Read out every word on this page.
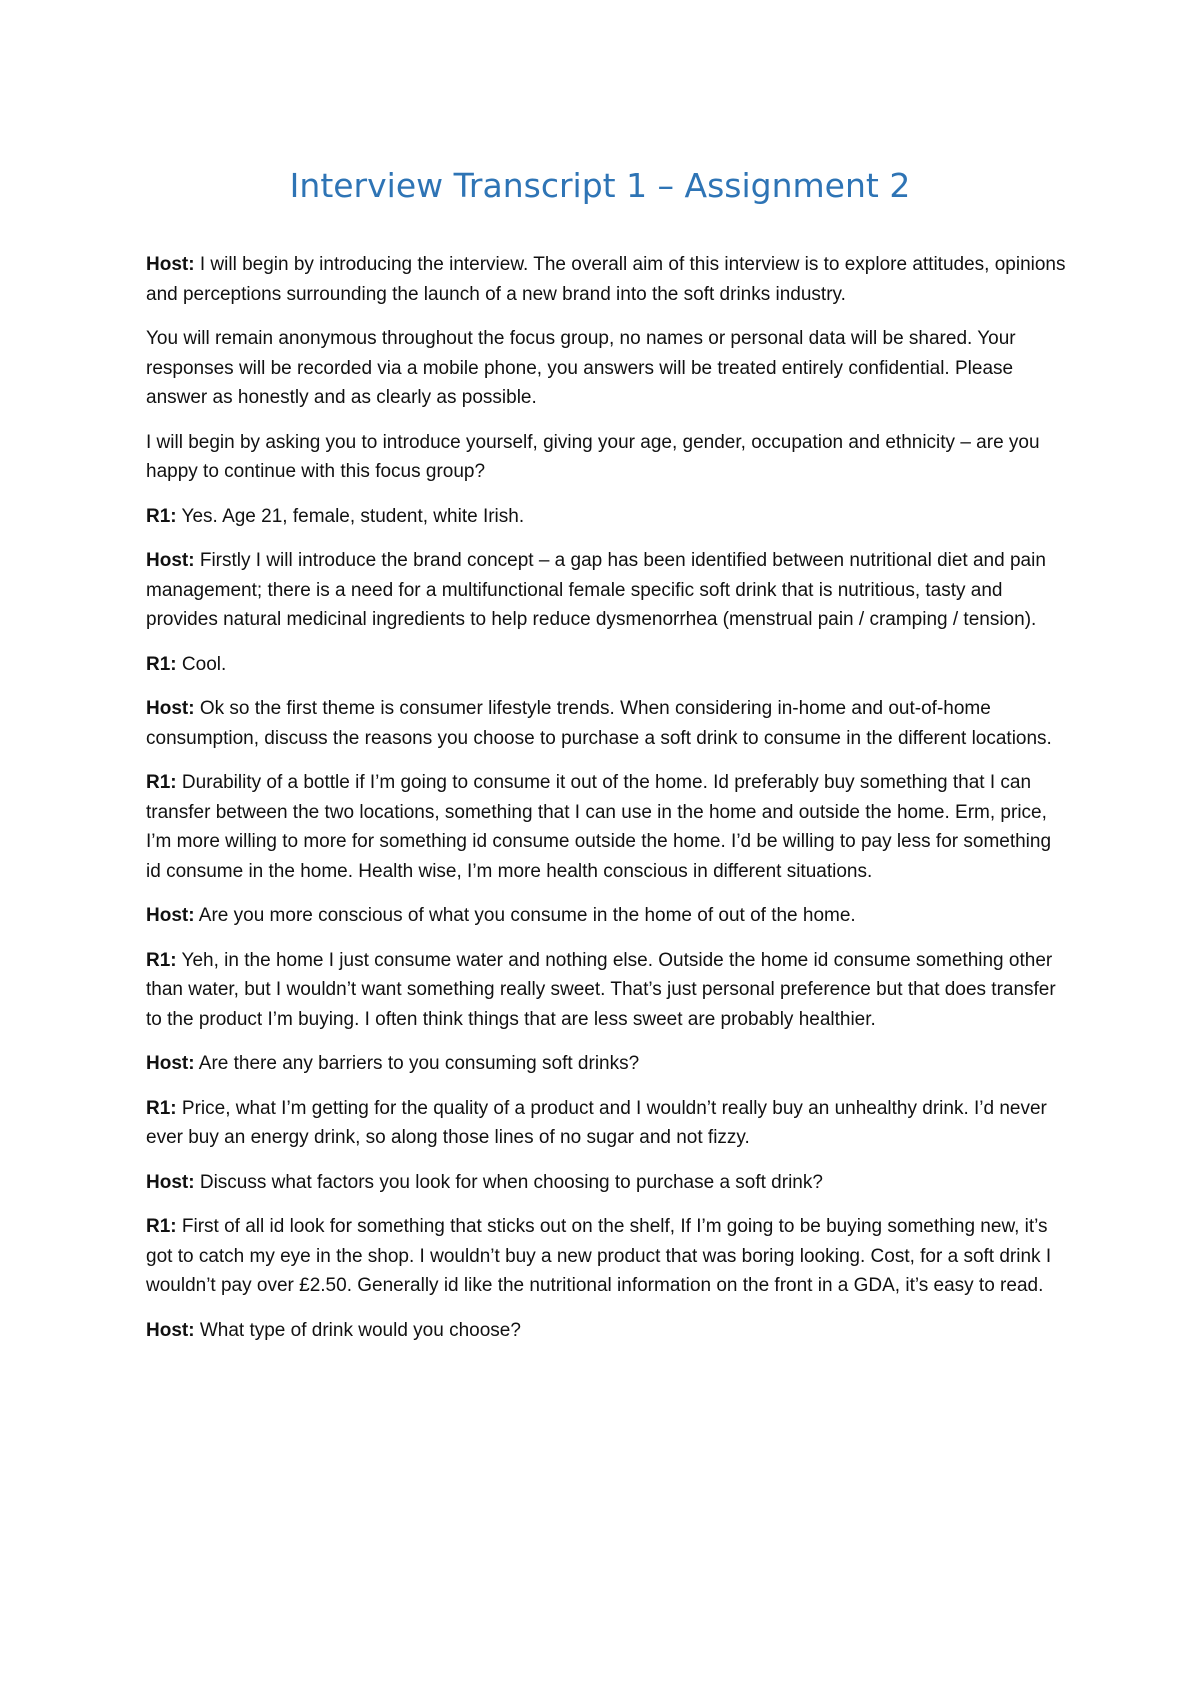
Interview Transcript 1 – Assignment 2

Host: I will begin by introducing the interview. The overall aim of this interview is to explore attitudes, opinions and perceptions surrounding the launch of a new brand into the soft drinks industry.

You will remain anonymous throughout the focus group, no names or personal data will be shared. Your responses will be recorded via a mobile phone, you answers will be treated entirely confidential. Please answer as honestly and as clearly as possible.

I will begin by asking you to introduce yourself, giving your age, gender, occupation and ethnicity – are you happy to continue with this focus group?

R1: Yes. Age 21, female, student, white Irish.

Host: Firstly I will introduce the brand concept – a gap has been identified between nutritional diet and pain management; there is a need for a multifunctional female specific soft drink that is nutritious, tasty and provides natural medicinal ingredients to help reduce dysmenorrhea (menstrual pain / cramping / tension).

R1: Cool.

Host: Ok so the first theme is consumer lifestyle trends. When considering in-home and out-of-home consumption, discuss the reasons you choose to purchase a soft drink to consume in the different locations.

R1: Durability of a bottle if I’m going to consume it out of the home. Id preferably buy something that I can transfer between the two locations, something that I can use in the home and outside the home. Erm, price, I’m more willing to more for something id consume outside the home. I’d be willing to pay less for something id consume in the home. Health wise, I’m more health conscious in different situations.

Host: Are you more conscious of what you consume in the home of out of the home.

R1: Yeh, in the home I just consume water and nothing else. Outside the home id consume something other than water, but I wouldn’t want something really sweet. That’s just personal preference but that does transfer to the product I’m buying. I often think things that are less sweet are probably healthier.

Host: Are there any barriers to you consuming soft drinks?

R1: Price, what I’m getting for the quality of a product and I wouldn’t really buy an unhealthy drink. I’d never ever buy an energy drink, so along those lines of no sugar and not fizzy.

Host: Discuss what factors you look for when choosing to purchase a soft drink?

R1: First of all id look for something that sticks out on the shelf, If I’m going to be buying something new, it’s got to catch my eye in the shop. I wouldn’t buy a new product that was boring looking. Cost, for a soft drink I wouldn’t pay over £2.50. Generally id like the nutritional information on the front in a GDA, it’s easy to read.

Host: What type of drink would you choose?
